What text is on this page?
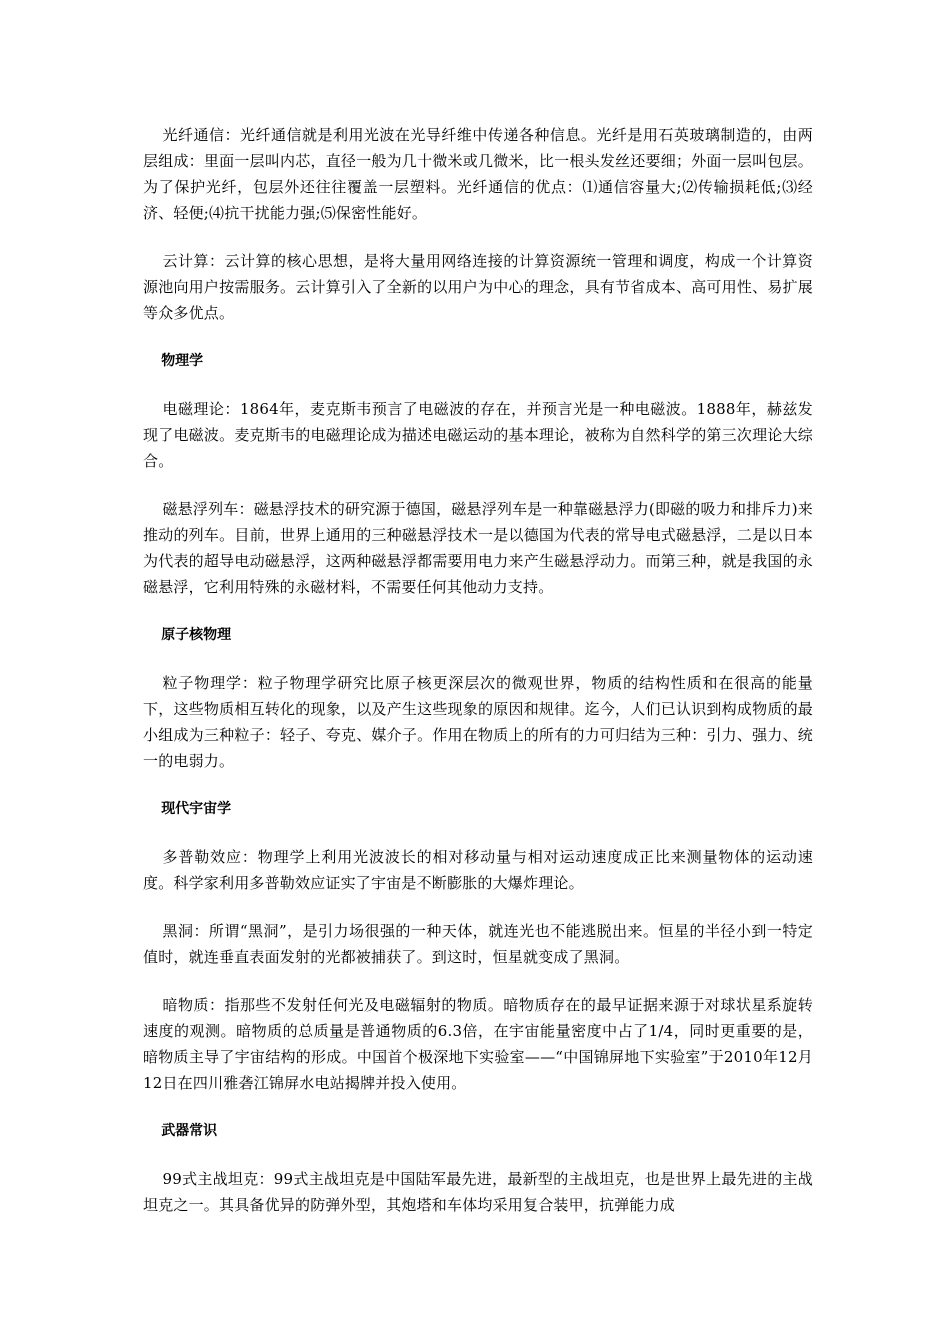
光纤通信：光纤通信就是利用光波在光导纤维中传递各种信息。光纤是用石英玻璃制造的，由两层组成：里面一层叫内芯，直径一般为几十微米或几微米，比一根头发丝还要细；外面一层叫包层。为了保护光纤，包层外还往往覆盖一层塑料。光纤通信的优点：⑴通信容量大;⑵传输损耗低;⑶经济、轻便;⑷抗干扰能力强;⑸保密性能好。

云计算：云计算的核心思想，是将大量用网络连接的计算资源统一管理和调度，构成一个计算资源池向用户按需服务。云计算引入了全新的以用户为中心的理念，具有节省成本、高可用性、易扩展等众多优点。

物理学

电磁理论：1864年，麦克斯韦预言了电磁波的存在，并预言光是一种电磁波。1888年，赫兹发现了电磁波。麦克斯韦的电磁理论成为描述电磁运动的基本理论，被称为自然科学的第三次理论大综合。

磁悬浮列车：磁悬浮技术的研究源于德国，磁悬浮列车是一种靠磁悬浮力(即磁的吸力和排斥力)来推动的列车。目前，世界上通用的三种磁悬浮技术一是以德国为代表的常导电式磁悬浮，二是以日本为代表的超导电动磁悬浮，这两种磁悬浮都需要用电力来产生磁悬浮动力。而第三种，就是我国的永磁悬浮，它利用特殊的永磁材料，不需要任何其他动力支持。

原子核物理

粒子物理学：粒子物理学研究比原子核更深层次的微观世界，物质的结构性质和在很高的能量下，这些物质相互转化的现象，以及产生这些现象的原因和规律。迄今，人们已认识到构成物质的最小组成为三种粒子：轻子、夸克、媒介子。作用在物质上的所有的力可归结为三种：引力、强力、统一的电弱力。

现代宇宙学

多普勒效应：物理学上利用光波波长的相对移动量与相对运动速度成正比来测量物体的运动速度。科学家利用多普勒效应证实了宇宙是不断膨胀的大爆炸理论。

黑洞：所谓“黑洞”，是引力场很强的一种天体，就连光也不能逃脱出来。恒星的半径小到一特定值时，就连垂直表面发射的光都被捕获了。到这时，恒星就变成了黑洞。

暗物质：指那些不发射任何光及电磁辐射的物质。暗物质存在的最早证据来源于对球状星系旋转速度的观测。暗物质的总质量是普通物质的6.3倍，在宇宙能量密度中占了1/4，同时更重要的是，暗物质主导了宇宙结构的形成。中国首个极深地下实验室——“中国锦屏地下实验室”于2010年12月12日在四川雅砻江锦屏水电站揭牌并投入使用。

武器常识

99式主战坦克：99式主战坦克是中国陆军最先进，最新型的主战坦克，也是世界上最先进的主战坦克之一。其具备优异的防弹外型，其炮塔和车体均采用复合装甲，抗弹能力成
